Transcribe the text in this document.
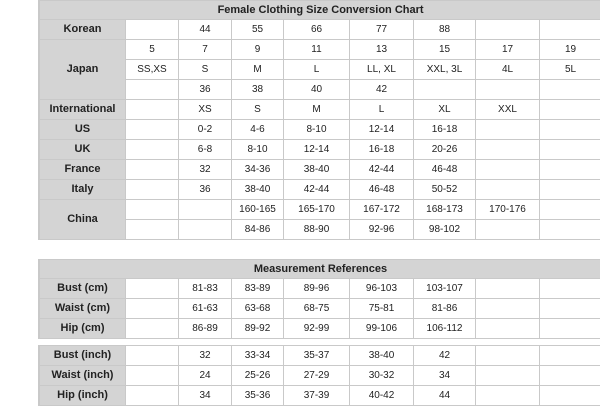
Female Clothing Size Conversion Chart								
Korean		44	55	66	77	88		
Japan	5	7	9	11	13	15	17	19
	SS,XS	S	M	L	LL, XL	XXL, 3L	4L	5L
		36	38	40	42			
International		XS	S	M	L	XL	XXL	
US		0-2	4-6	8-10	12-14	16-18		
UK		6-8	8-10	12-14	16-18	20-26		
France		32	34-36	38-40	42-44	46-48		
Italy		36	38-40	42-44	46-48	50-52		
China			160-165	165-170	167-172	168-173	170-176	
			84-86	88-90	92-96	98-102		
Measurement References								
Bust (cm)		81-83	83-89	89-96	96-103	103-107		
Waist (cm)		61-63	63-68	68-75	75-81	81-86		
Hip (cm)		86-89	89-92	92-99	99-106	106-112		
Bust (inch)		32	33-34	35-37	38-40	42		
Waist (inch)		24	25-26	27-29	30-32	34		
Hip (inch)		34	35-36	37-39	40-42	44		
